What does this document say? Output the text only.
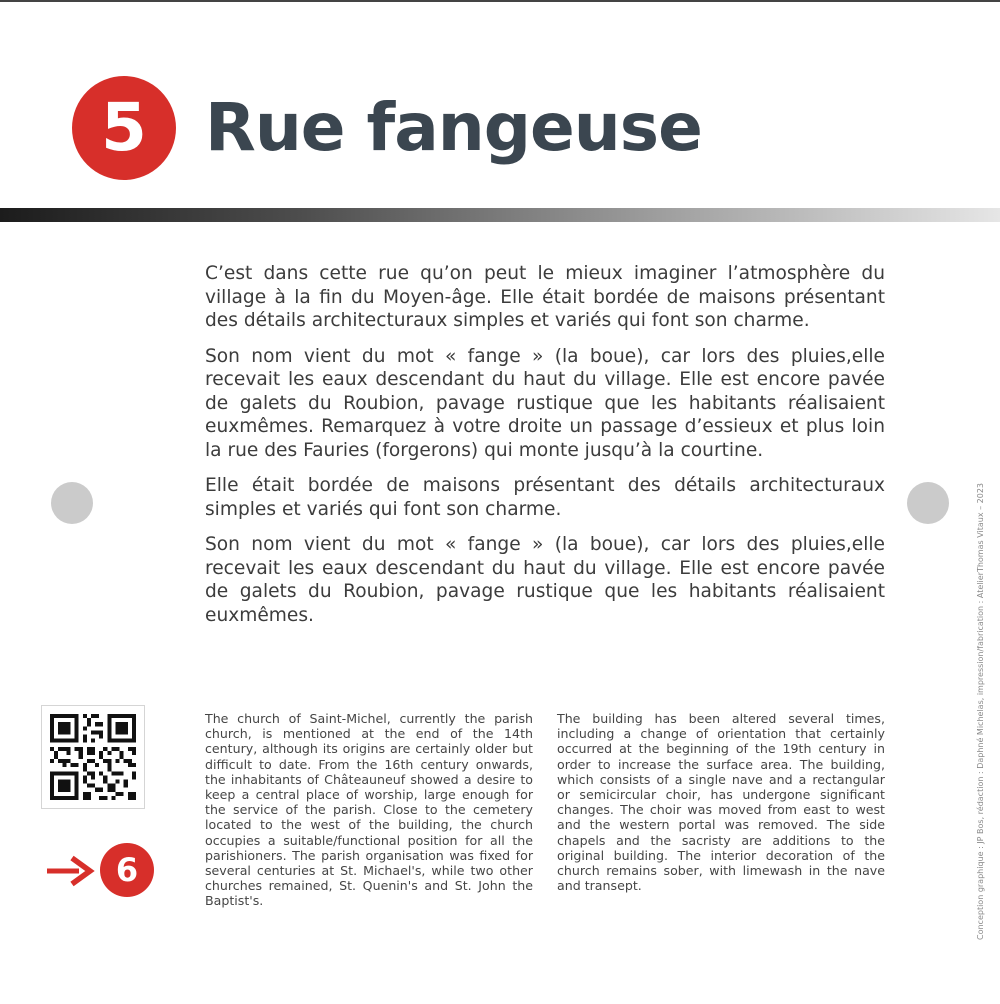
5 Rue fangeuse

C’est dans cette rue qu’on peut le mieux imaginer l’atmosphère du village à la fin du Moyen-âge. Elle était bordée de maisons présentant des détails architecturaux simples et variés qui font son charme.

Son nom vient du mot « fange » (la boue), car lors des pluies,elle recevait les eaux descendant du haut du village. Elle est encore pavée de galets du Roubion, pavage rustique que les habitants réalisaient euxmêmes. Remarquez à votre droite un passage d’essieux et plus loin la rue des Fauries (forgerons) qui monte jusqu’à la courtine.

Elle était bordée de maisons présentant des détails architecturaux simples et variés qui font son charme.

Son nom vient du mot « fange » (la boue), car lors des pluies,elle recevait les eaux descendant du haut du village. Elle est encore pavée de galets du Roubion, pavage rustique que les habitants réalisaient euxmêmes.

6

The church of Saint-Michel, currently the parish church, is mentioned at the end of the 14th century, although its origins are certainly older but difficult to date. From the 16th century onwards, the inhabitants of Châteauneuf showed a desire to keep a central place of worship, large enough for the service of the parish. Close to the cemetery located to the west of the building, the church occupies a suitable/functional position for all the parishioners. The parish organisation was fixed for several centuries at St. Michael's, while two other churches remained, St. Quenin's and St. John the Baptist's.

The building has been altered several times, including a change of orientation that certainly occurred at the beginning of the 19th century in order to increase the surface area. The building, which consists of a single nave and a rectangular or semicircular choir, has undergone significant changes. The choir was moved from east to west and the western portal was removed. The side chapels and the sacristy are additions to the original building. The interior decoration of the church remains sober, with limewash in the nave and transept.	Conception graphique : JP Bos, rédaction : Daphné Michelas, impression/fabrication : AtelierThomas Vitaux – 2023
